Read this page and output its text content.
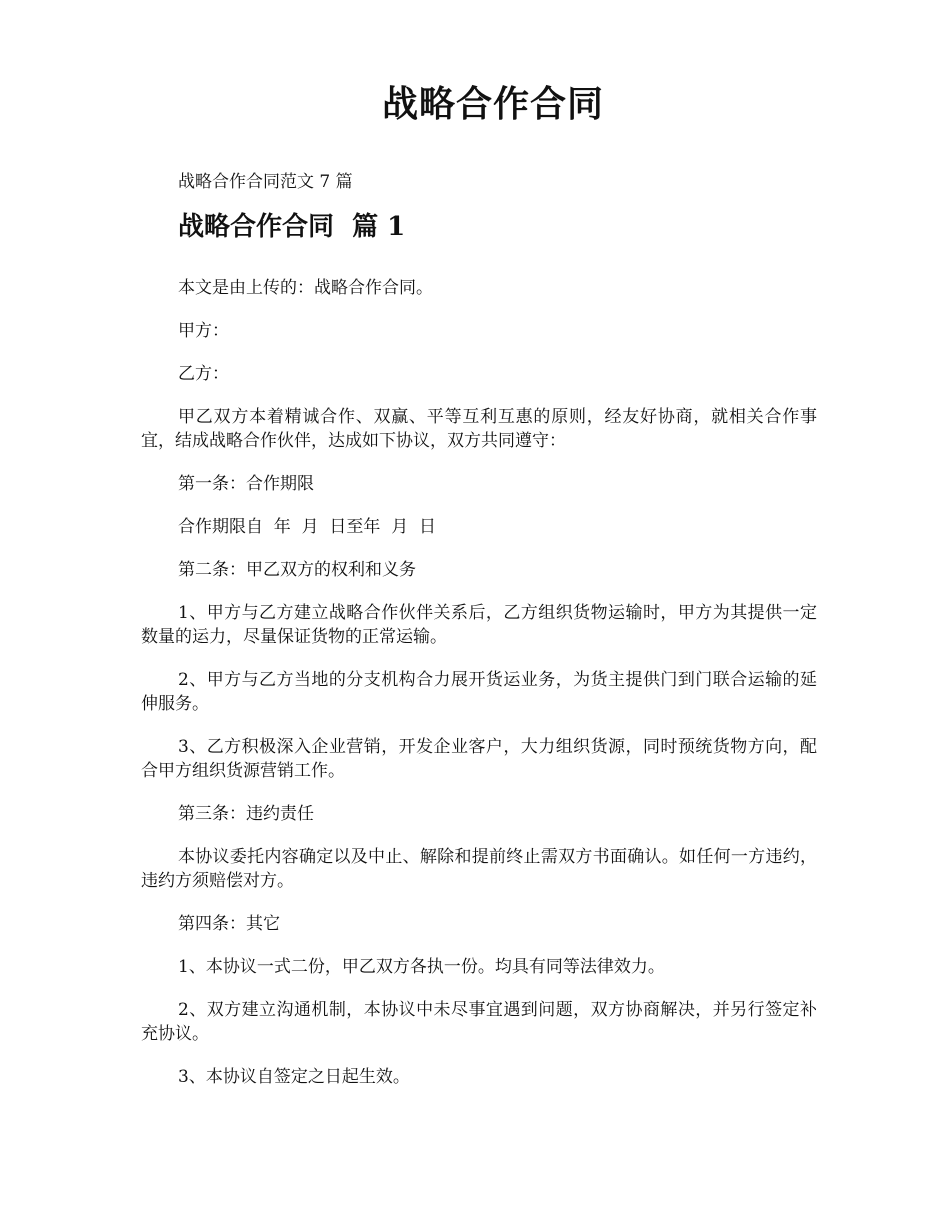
战略合作合同

战略合作合同范文 7 篇

战略合作合同  篇 1

本文是由上传的：战略合作合同。

甲方：

乙方：

甲乙双方本着精诚合作、双赢、平等互利互惠的原则，经友好协商，就相关合作事宜，结成战略合作伙伴，达成如下协议，双方共同遵守：

第一条：合作期限

合作期限自  年  月  日至年  月  日

第二条：甲乙双方的权利和义务

1、甲方与乙方建立战略合作伙伴关系后，乙方组织货物运输时，甲方为其提供一定数量的运力，尽量保证货物的正常运输。

2、甲方与乙方当地的分支机构合力展开货运业务，为货主提供门到门联合运输的延伸服务。

3、乙方积极深入企业营销，开发企业客户，大力组织货源，同时预统货物方向，配合甲方组织货源营销工作。

第三条：违约责任

本协议委托内容确定以及中止、解除和提前终止需双方书面确认。如任何一方违约，违约方须赔偿对方。

第四条：其它

1、本协议一式二份，甲乙双方各执一份。均具有同等法律效力。

2、双方建立沟通机制，本协议中未尽事宜遇到问题，双方协商解决，并另行签定补充协议。

3、本协议自签定之日起生效。
